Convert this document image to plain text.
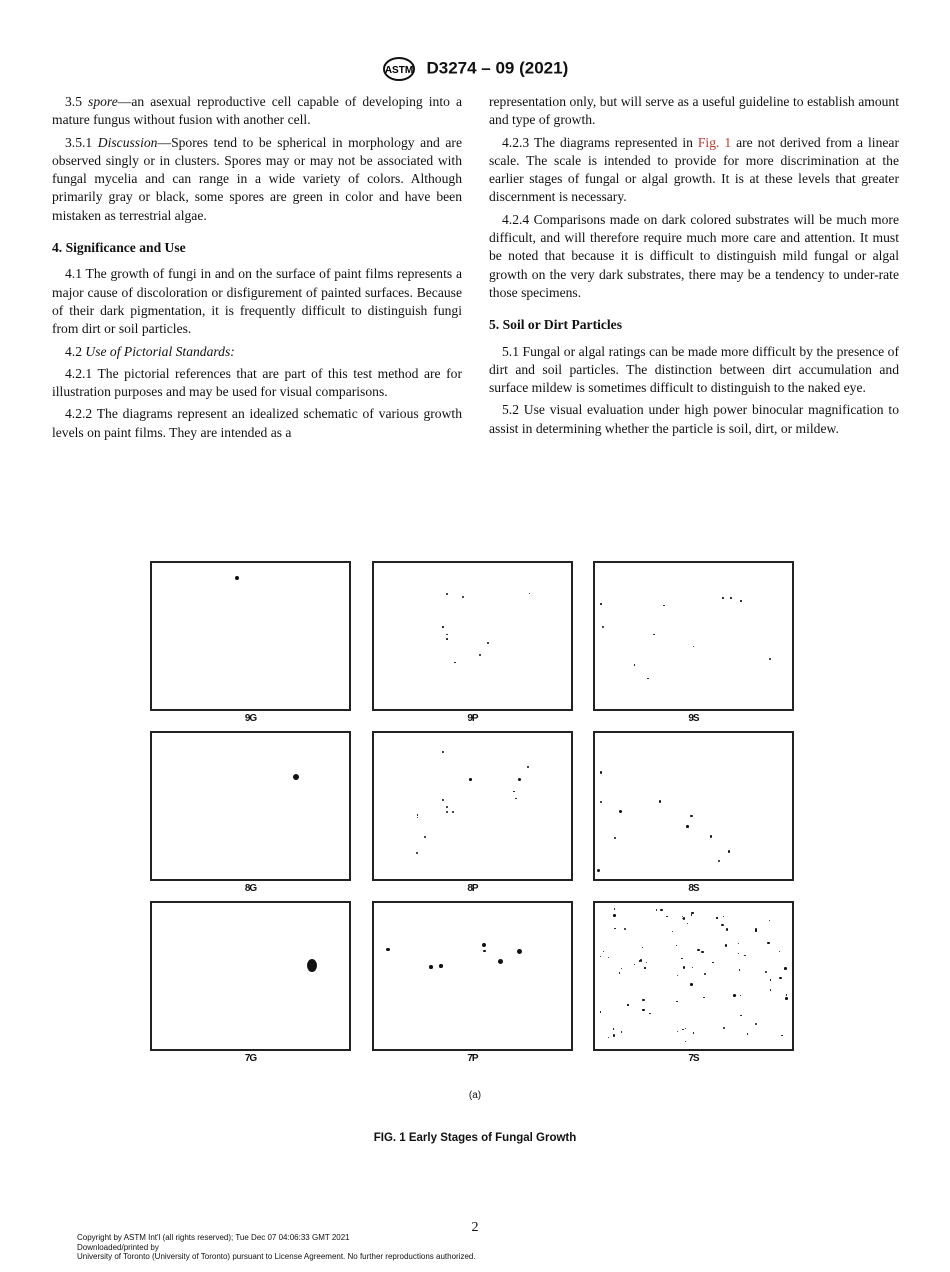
ASTM D3274 – 09 (2021)

3.5 spore—an asexual reproductive cell capable of developing into a mature fungus without fusion with another cell.

3.5.1 Discussion—Spores tend to be spherical in morphology and are observed singly or in clusters. Spores may or may not be associated with fungal mycelia and can range in a wide variety of colors. Although primarily gray or black, some spores are green in color and have been mistaken as terrestrial algae.

4. Significance and Use

4.1 The growth of fungi in and on the surface of paint films represents a major cause of discoloration or disfigurement of painted surfaces. Because of their dark pigmentation, it is frequently difficult to distinguish fungi from dirt or soil particles.

4.2 Use of Pictorial Standards:

4.2.1 The pictorial references that are part of this test method are for illustration purposes and may be used for visual comparisons.

4.2.2 The diagrams represent an idealized schematic of various growth levels on paint films. They are intended as a

representation only, but will serve as a useful guideline to establish amount and type of growth.

4.2.3 The diagrams represented in Fig. 1 are not derived from a linear scale. The scale is intended to provide for more discrimination at the earlier stages of fungal or algal growth. It is at these levels that greater discernment is necessary.

4.2.4 Comparisons made on dark colored substrates will be much more difficult, and will therefore require much more care and attention. It must be noted that because it is difficult to distinguish mild fungal or algal growth on the very dark substrates, there may be a tendency to under-rate those specimens.

5. Soil or Dirt Particles

5.1 Fungal or algal ratings can be made more difficult by the presence of dirt and soil particles. The distinction between dirt accumulation and surface mildew is sometimes difficult to distinguish to the naked eye.

5.2 Use visual evaluation under high power binocular magnification to assist in determining whether the particle is soil, dirt, or mildew.

9G	9P	9S
8G	8P	8S
7G	7P	7S
(a)
FIG. 1 Early Stages of Fungal Growth
2
Copyright by ASTM Int'l (all rights reserved); Tue Dec 07 04:06:33 GMT 2021
Downloaded/printed by
University of Toronto (University of Toronto) pursuant to License Agreement. No further reproductions authorized.
